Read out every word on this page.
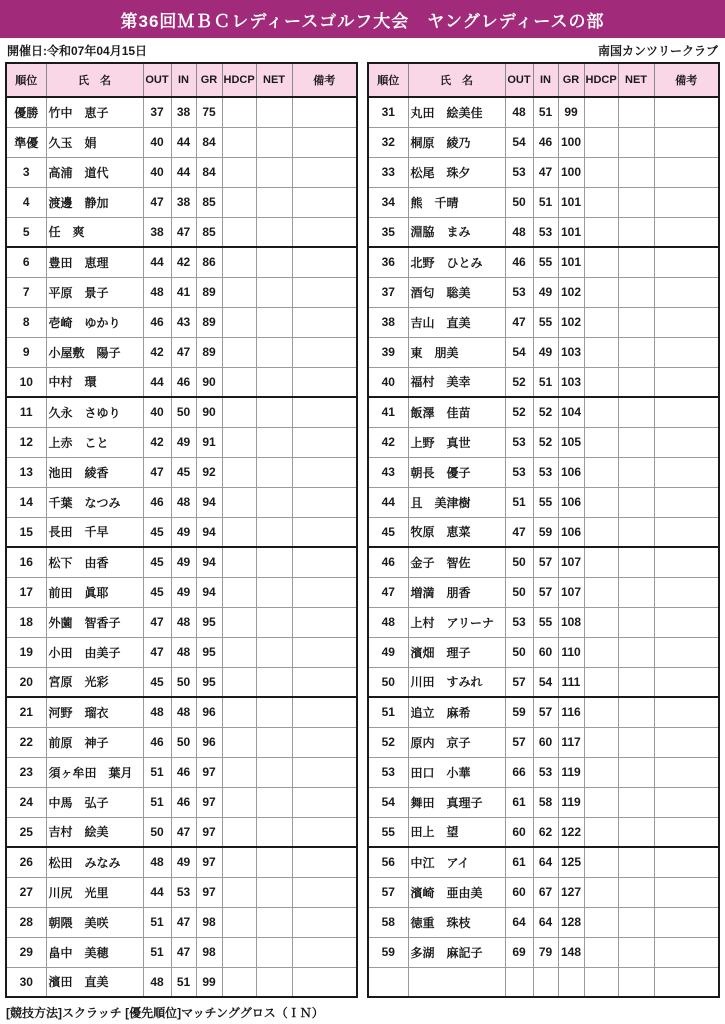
第36回ＭＢＣレディースゴルフ大会　ヤングレディースの部
開催日:令和07年04月15日	南国カンツリークラブ
順位	氏　名	OUT	IN	GR	HDCP	NET	備考
優勝	竹中　恵子	37	38	75			
準優	久玉　娟	40	44	84			
3	高浦　道代	40	44	84			
4	渡邊　静加	47	38	85			
5	任　爽	38	47	85			
6	豊田　恵理	44	42	86			
7	平原　景子	48	41	89			
8	壱崎　ゆかり	46	43	89			
9	小屋敷　陽子	42	47	89			
10	中村　環	44	46	90			
11	久永　さゆり	40	50	90			
12	上赤　こと	42	49	91			
13	池田　綾香	47	45	92			
14	千葉　なつみ	46	48	94			
15	長田　千早	45	49	94			
16	松下　由香	45	49	94			
17	前田　眞耶	45	49	94			
18	外薗　智香子	47	48	95			
19	小田　由美子	47	48	95			
20	宮原　光彩	45	50	95			
21	河野　瑠衣	48	48	96			
22	前原　神子	46	50	96			
23	須ヶ牟田　葉月	51	46	97			
24	中馬　弘子	51	46	97			
25	吉村　絵美	50	47	97			
26	松田　みなみ	48	49	97			
27	川尻　光里	44	53	97			
28	朝隈　美咲	51	47	98			
29	畠中　美穂	51	47	98			
30	濱田　直美	48	51	99			
順位	氏　名	OUT	IN	GR	HDCP	NET	備考
31	丸田　絵美佳	48	51	99			
32	桐原　綾乃	54	46	100			
33	松尾　珠夕	53	47	100			
34	熊　千晴	50	51	101			
35	淵脇　まみ	48	53	101			
36	北野　ひとみ	46	55	101			
37	酒匂　聡美	53	49	102			
38	吉山　直美	47	55	102			
39	東　朋美	54	49	103			
40	福村　美幸	52	51	103			
41	飯澤　佳苗	52	52	104			
42	上野　真世	53	52	105			
43	朝長　優子	53	53	106			
44	且　美津樹	51	55	106			
45	牧原　恵菜	47	59	106			
46	金子　智佐	50	57	107			
47	増満　朋香	50	57	107			
48	上村　アリーナ	53	55	108			
49	濱畑　理子	50	60	110			
50	川田　すみれ	57	54	111			
51	追立　麻希	59	57	116			
52	原内　京子	57	60	117			
53	田口　小華	66	53	119			
54	舞田　真理子	61	58	119			
55	田上　望	60	62	122			
56	中江　アイ	61	64	125			
57	濱崎　亜由美	60	67	127			
58	徳重　珠枝	64	64	128			
59	多湖　麻記子	69	79	148			

[競技方法]スクラッチ [優先順位]マッチンググロス（ＩＮ）
